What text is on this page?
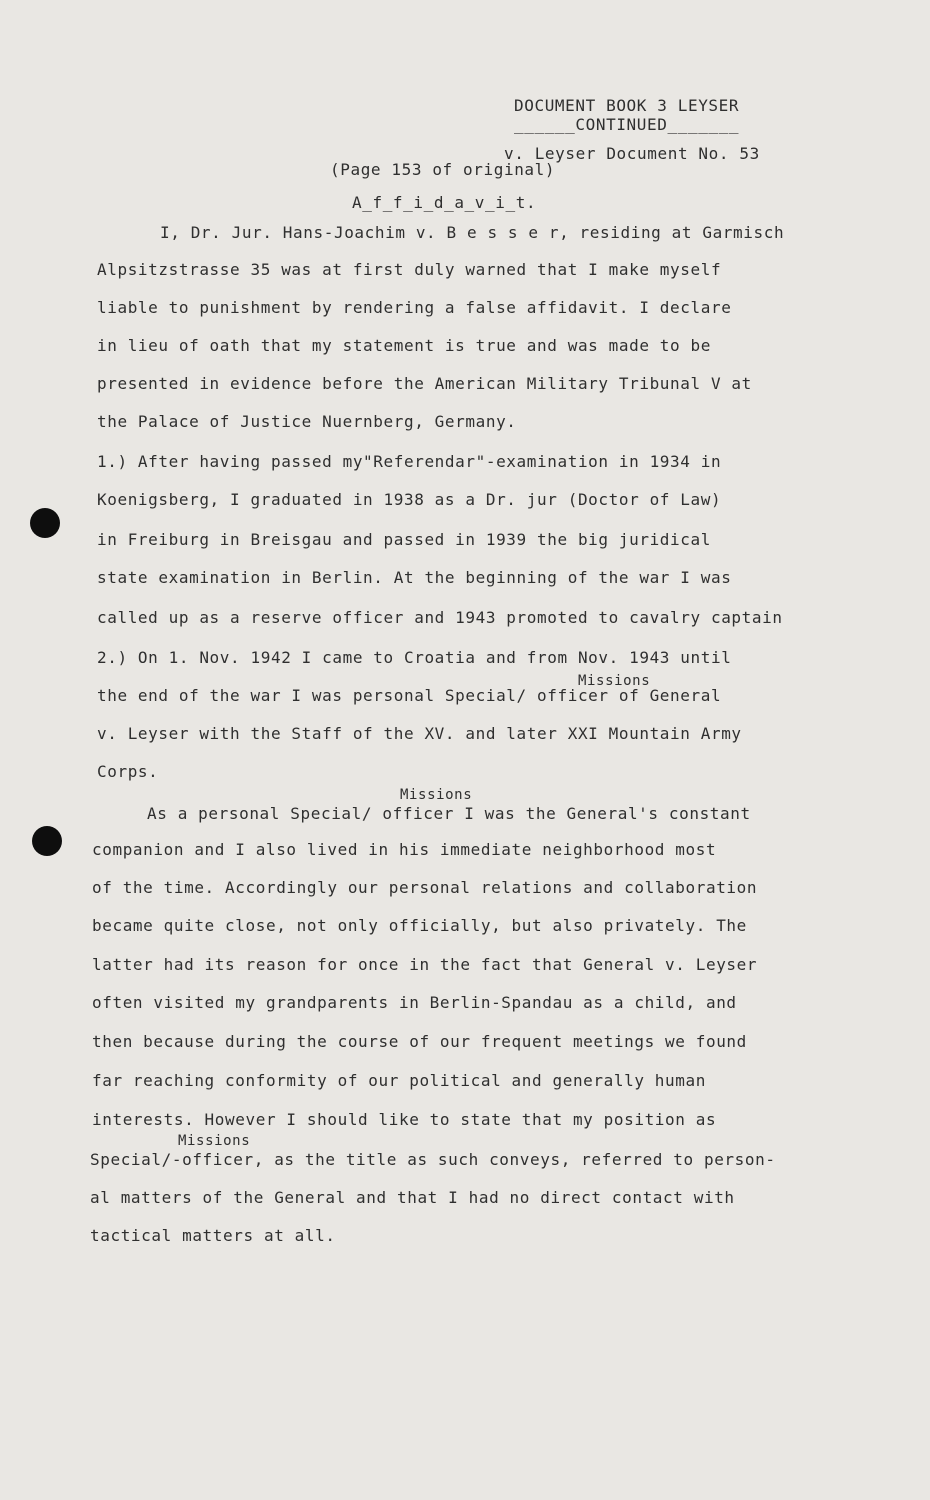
DOCUMENT BOOK 3 LEYSER
______CONTINUED_______
v. Leyser Document No. 53
(Page 153 of original)
A_f_f_i_d_a_v_i_t.
I, Dr. Jur. Hans-Joachim v. B e s s e r, residing at Garmisch
Alpsitzstrasse 35 was at first duly warned that I make myself
liable to punishment by rendering a false affidavit. I declare
in lieu of oath that my statement is true and was made to be
presented in evidence before the American Military Tribunal V at
the Palace of Justice Nuernberg, Germany.
1.) After having passed my"Referendar"-examination in 1934 in
Koenigsberg, I graduated in 1938 as a Dr. jur (Doctor of Law)
in Freiburg in Breisgau and passed in 1939 the big juridical
state examination in Berlin. At the beginning of the war I was
called up as a reserve officer and 1943 promoted to cavalry captain
2.) On 1. Nov. 1942 I came to Croatia and from Nov. 1943 until
Missions
the end of the war I was personal Special/ officer of General
v. Leyser with the Staff of the XV. and later XXI Mountain Army
Corps.
Missions
As a personal Special/ officer I was the General's constant
companion and I also lived in his immediate neighborhood most
of the time. Accordingly our personal relations and collaboration
became quite close, not only officially, but also privately. The
latter had its reason for once in the fact that General v. Leyser
often visited my grandparents in Berlin-Spandau as a child, and
then because during the course of our frequent meetings we found
far reaching conformity of our political and generally human
interests. However I should like to state that my position as
Missions
Special/-officer, as the title as such conveys, referred to person-
al matters of the General and that I had no direct contact with
tactical matters at all.
